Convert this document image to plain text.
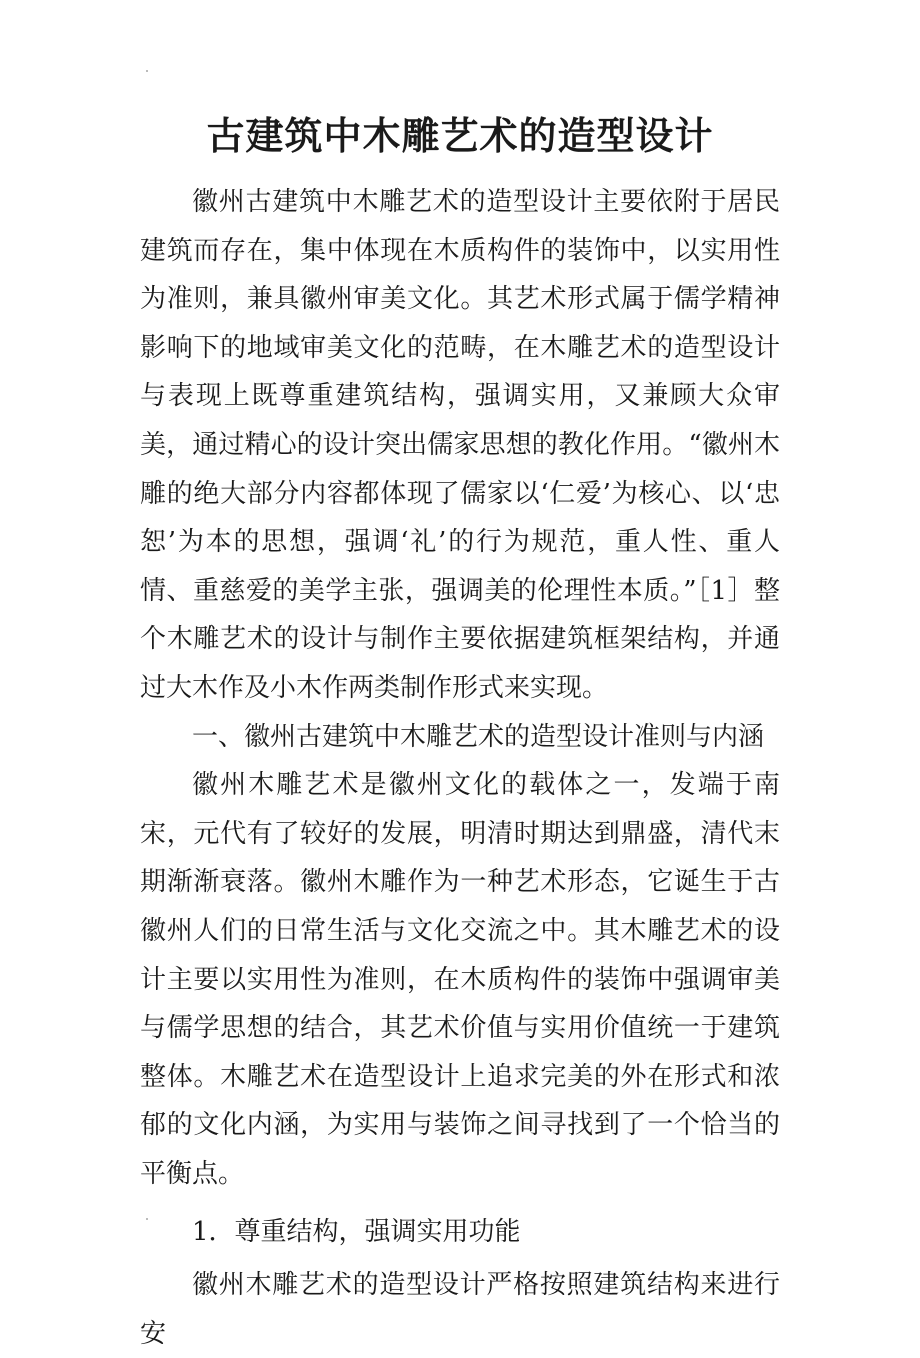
古建筑中木雕艺术的造型设计

徽州古建筑中木雕艺术的造型设计主要依附于居民建筑而存在，集中体现在木质构件的装饰中，以实用性为准则，兼具徽州审美文化。其艺术形式属于儒学精神影响下的地域审美文化的范畴，在木雕艺术的造型设计与表现上既尊重建筑结构，强调实用，又兼顾大众审美，通过精心的设计突出儒家思想的教化作用。“徽州木雕的绝大部分内容都体现了儒家以‘仁爱’为核心、以‘忠恕’为本的思想，强调‘礼’的行为规范，重人性、重人情、重慈爱的美学主张，强调美的伦理性本质。”［1］整个木雕艺术的设计与制作主要依据建筑框架结构，并通过大木作及小木作两类制作形式来实现。

一、徽州古建筑中木雕艺术的造型设计准则与内涵

徽州木雕艺术是徽州文化的载体之一，发端于南宋，元代有了较好的发展，明清时期达到鼎盛，清代末期渐渐衰落。徽州木雕作为一种艺术形态，它诞生于古徽州人们的日常生活与文化交流之中。其木雕艺术的设计主要以实用性为准则，在木质构件的装饰中强调审美与儒学思想的结合，其艺术价值与实用价值统一于建筑整体。木雕艺术在造型设计上追求完美的外在形式和浓郁的文化内涵，为实用与装饰之间寻找到了一个恰当的平衡点。

1．尊重结构，强调实用功能

徽州木雕艺术的造型设计严格按照建筑结构来进行安
